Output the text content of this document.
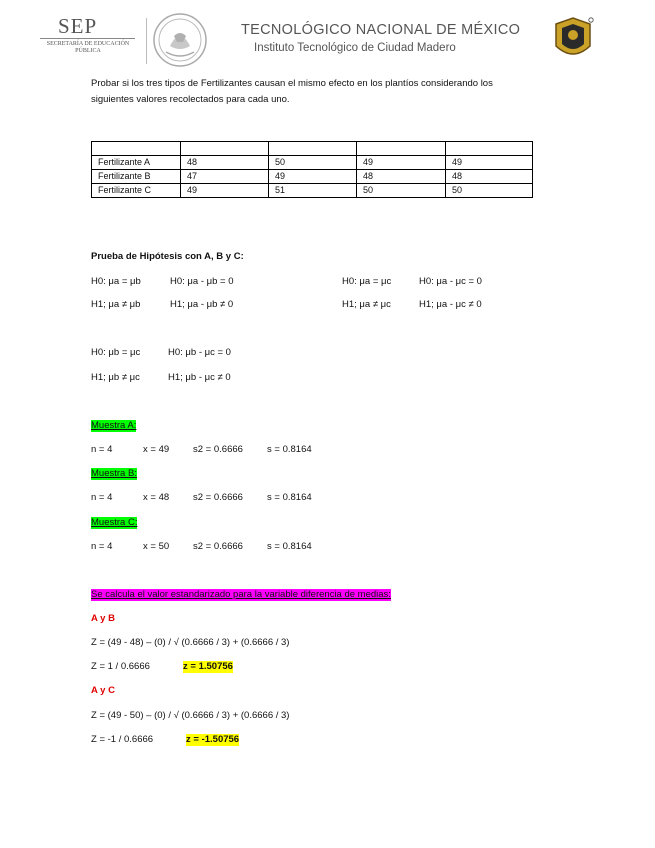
SEP
SECRETARÍA DE EDUCACIÓN PÚBLICA
TECNOLÓGICO NACIONAL DE MÉXICO
Instituto Tecnológico de Ciudad Madero
Probar si los tres tipos de Fertilizantes causan el mismo efecto en los plantíos considerando los
siguientes valores recolectados para cada uno.

Fertilizante A	48	50	49	49
Fertilizante B	47	49	48	48
Fertilizante C	49	51	50	50
Prueba de Hipótesis con A, B y C:
H0: μa = μb	H0: μa - μb = 0	H0: μa = μc	H0: μa - μc = 0
H1; μa ≠ μb	H1; μa - μb ≠ 0	H1; μa ≠ μc	H1; μa - μc ≠ 0
H0: μb = μc	H0: μb - μc = 0
H1; μb ≠ μc	H1; μb - μc ≠ 0
Muestra A:
n = 4	x = 49	s2 = 0.6666	s = 0.8164
Muestra B:
n = 4	x = 48	s2 = 0.6666	s = 0.8164
Muestra C:
n = 4	x = 50	s2 = 0.6666	s = 0.8164
Se calcula el valor estandarizado para la variable diferencia de medias:
A y B
Z = (49 - 48) – (0) / √ (0.6666 / 3) + (0.6666 / 3)
Z = 1 / 0.6666	z = 1.50756
A y C
Z = (49 - 50) – (0) / √ (0.6666 / 3) + (0.6666 / 3)
Z = -1 / 0.6666	z = -1.50756
